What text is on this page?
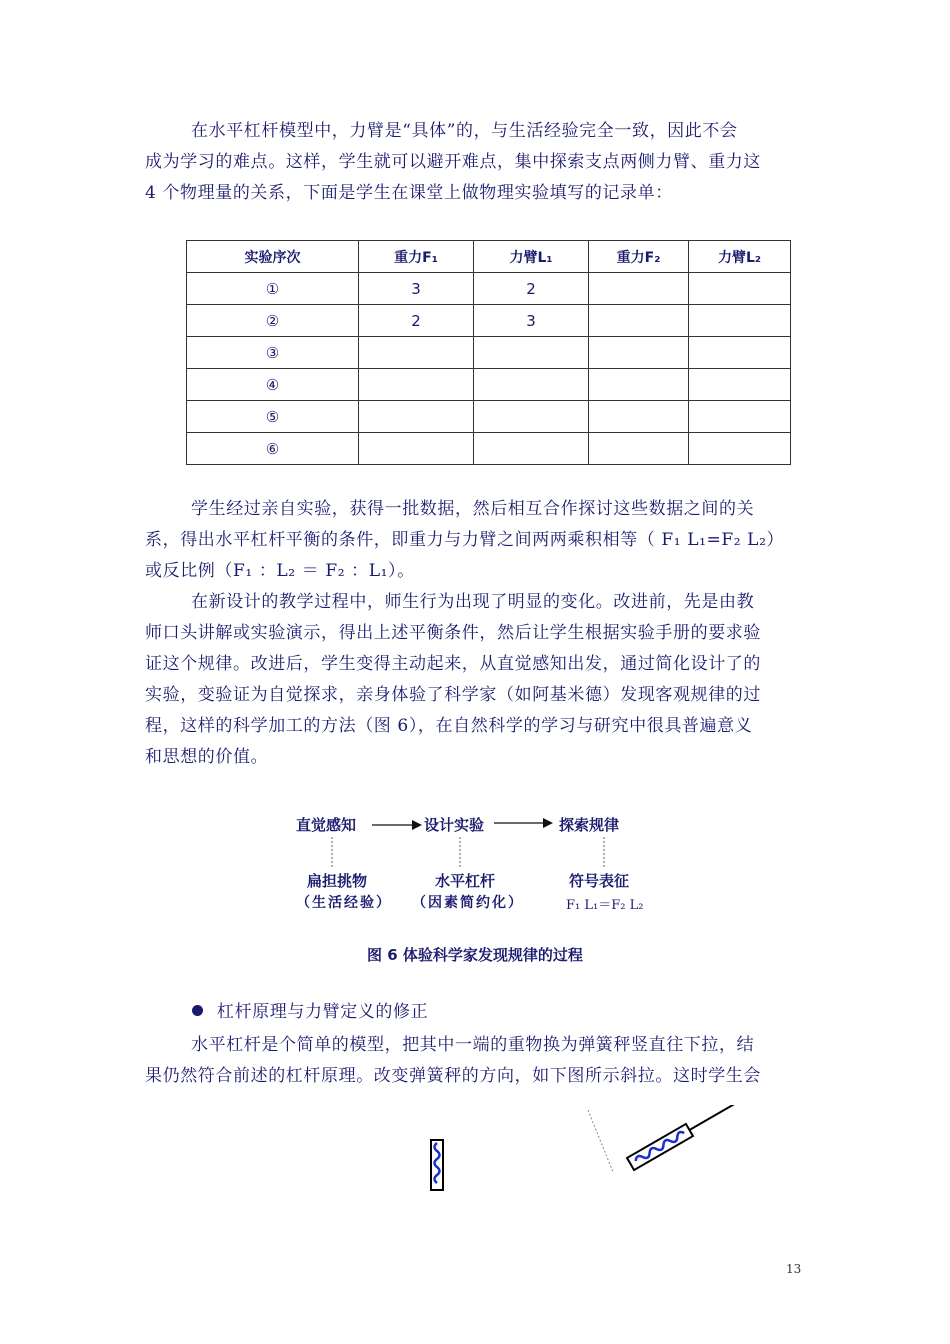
在水平杠杆模型中，力臂是“具体”的，与生活经验完全一致，因此不会
成为学习的难点。这样，学生就可以避开难点，集中探索支点两侧力臂、重力这
4 个物理量的关系，下面是学生在课堂上做物理实验填写的记录单：
实验序次	重力F₁	力臂L₁	重力F₂	力臂L₂
①	3	2		
②	2	3		
③				
④				
⑤				
⑥				
学生经过亲自实验，获得一批数据，然后相互合作探讨这些数据之间的关
系，得出水平杠杆平衡的条件，即重力与力臂之间两两乘积相等（ F₁ L₁=F₂ L₂）
或反比例（F₁ ：L₂ ＝ F₂ ：L₁）。
在新设计的教学过程中，师生行为出现了明显的变化。改进前，先是由教
师口头讲解或实验演示，得出上述平衡条件，然后让学生根据实验手册的要求验
证这个规律。改进后，学生变得主动起来，从直觉感知出发，通过简化设计了的
实验，变验证为自觉探求，亲身体验了科学家（如阿基米德）发现客观规律的过
程，这样的科学加工的方法（图 6），在自然科学的学习与研究中很具普遍意义
和思想的价值。
直觉感知	设计实验	探索规律
扁担挑物
（生活经验）
水平杠杆
（因素简约化）
符号表征
F₁ L₁＝F₂ L₂
图 6 体验科学家发现规律的过程
杠杆原理与力臂定义的修正
水平杠杆是个简单的模型，把其中一端的重物换为弹簧秤竖直往下拉，结
果仍然符合前述的杠杆原理。改变弹簧秤的方向，如下图所示斜拉。这时学生会
13
